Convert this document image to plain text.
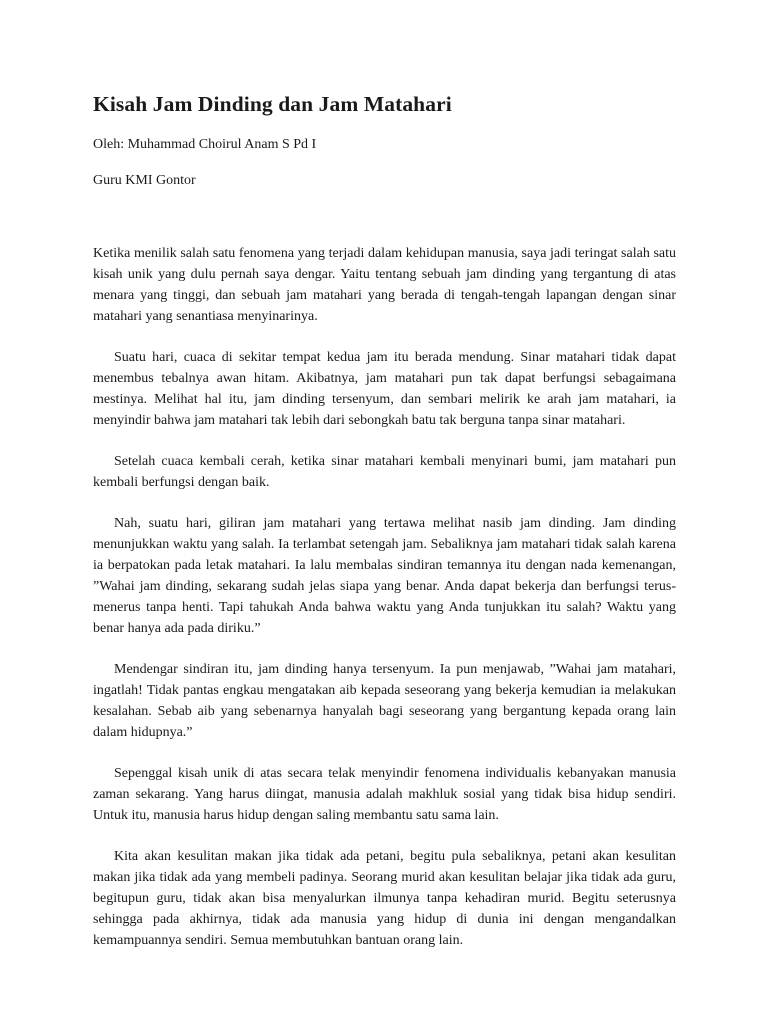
Kisah Jam Dinding dan Jam Matahari

Oleh: Muhammad Choirul Anam S Pd I

Guru KMI Gontor

Ketika menilik salah satu fenomena yang terjadi dalam kehidupan manusia, saya jadi teringat salah satu kisah unik yang dulu pernah saya dengar. Yaitu tentang sebuah jam dinding yang tergantung di atas menara yang tinggi, dan sebuah jam matahari yang berada di tengah-tengah lapangan dengan sinar matahari yang senantiasa menyinarinya.

Suatu hari, cuaca di sekitar tempat kedua jam itu berada mendung. Sinar matahari tidak dapat menembus tebalnya awan hitam. Akibatnya, jam matahari pun tak dapat berfungsi sebagaimana mestinya. Melihat hal itu, jam dinding tersenyum, dan sembari melirik ke arah jam matahari, ia menyindir bahwa jam matahari tak lebih dari sebongkah batu tak berguna tanpa sinar matahari.

Setelah cuaca kembali cerah, ketika sinar matahari kembali menyinari bumi, jam matahari pun kembali berfungsi dengan baik.

Nah, suatu hari, giliran jam matahari yang tertawa melihat nasib jam dinding. Jam dinding menunjukkan waktu yang salah. Ia terlambat setengah jam. Sebaliknya jam matahari tidak salah karena ia berpatokan pada letak matahari. Ia lalu membalas sindiran temannya itu dengan nada kemenangan, ”Wahai jam dinding, sekarang sudah jelas siapa yang benar. Anda dapat bekerja dan berfungsi terus-menerus tanpa henti. Tapi tahukah Anda bahwa waktu yang Anda tunjukkan itu salah? Waktu yang benar hanya ada pada diriku.”

Mendengar sindiran itu, jam dinding hanya tersenyum. Ia pun menjawab, ”Wahai jam matahari, ingatlah! Tidak pantas engkau mengatakan aib kepada seseorang yang bekerja kemudian ia melakukan kesalahan. Sebab aib yang sebenarnya hanyalah bagi seseorang yang bergantung kepada orang lain dalam hidupnya.”

Sepenggal kisah unik di atas secara telak menyindir fenomena individualis kebanyakan manusia zaman sekarang. Yang harus diingat, manusia adalah makhluk sosial yang tidak bisa hidup sendiri. Untuk itu, manusia harus hidup dengan saling membantu satu sama lain.

Kita akan kesulitan makan jika tidak ada petani, begitu pula sebaliknya, petani akan kesulitan makan jika tidak ada yang membeli padinya. Seorang murid akan kesulitan belajar jika tidak ada guru, begitupun guru, tidak akan bisa menyalurkan ilmunya tanpa kehadiran murid. Begitu seterusnya sehingga pada akhirnya, tidak ada manusia yang hidup di dunia ini dengan mengandalkan kemampuannya sendiri. Semua membutuhkan bantuan orang lain.
